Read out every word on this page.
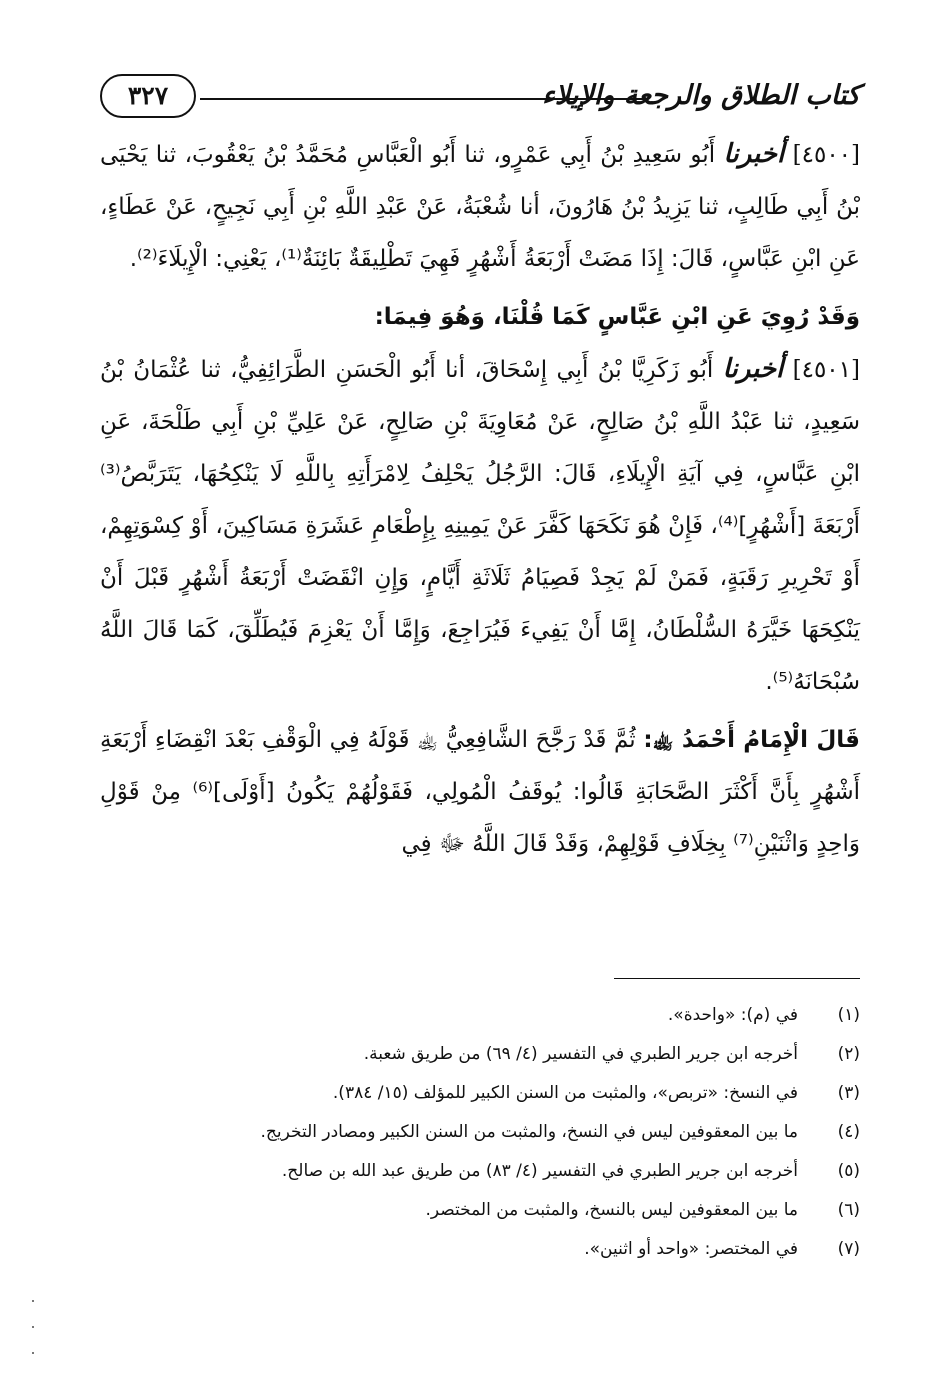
كتاب الطلاق والرجعة والإيلاء
٣٢٧

[٤٥٠٠] أخبرنا أَبُو سَعِيدِ بْنُ أَبِي عَمْرٍو، ثنا أَبُو الْعَبَّاسِ مُحَمَّدُ بْنُ يَعْقُوبَ، ثنا يَحْيَى بْنُ أَبِي طَالِبٍ، ثنا يَزِيدُ بْنُ هَارُونَ، أنا شُعْبَةُ، عَنْ عَبْدِ اللَّهِ بْنِ أَبِي نَجِيحٍ، عَنْ عَطَاءٍ، عَنِ ابْنِ عَبَّاسٍ، قَالَ: إِذَا مَضَتْ أَرْبَعَةُ أَشْهُرٍ فَهِيَ تَطْلِيقَةٌ بَائِنَةٌ⁽¹⁾، يَعْنِي: الْإِيلَاءَ⁽²⁾.

وَقَدْ رُوِيَ عَنِ ابْنِ عَبَّاسٍ كَمَا قُلْنَا، وَهُوَ فِيمَا:

[٤٥٠١] أخبرنا أَبُو زَكَرِيَّا بْنُ أَبِي إِسْحَاقَ، أنا أَبُو الْحَسَنِ الطَّرَائِفِيُّ، ثنا عُثْمَانُ بْنُ سَعِيدٍ، ثنا عَبْدُ اللَّهِ بْنُ صَالِحٍ، عَنْ مُعَاوِيَةَ بْنِ صَالِحٍ، عَنْ عَلِيِّ بْنِ أَبِي طَلْحَةَ، عَنِ ابْنِ عَبَّاسٍ، فِي آيَةِ الْإِيلَاءِ، قَالَ: الرَّجُلُ يَحْلِفُ لِامْرَأَتِهِ بِاللَّهِ لَا يَنْكِحُهَا، يَتَرَبَّصُ⁽³⁾ أَرْبَعَةَ [أَشْهُرٍ]⁽⁴⁾، فَإِنْ هُوَ نَكَحَهَا كَفَّرَ عَنْ يَمِينِهِ بِإِطْعَامِ عَشَرَةِ مَسَاكِينَ، أَوْ كِسْوَتِهِمْ، أَوْ تَحْرِيرِ رَقَبَةٍ، فَمَنْ لَمْ يَجِدْ فَصِيَامُ ثَلَاثَةِ أَيَّامٍ، وَإِنِ انْقَضَتْ أَرْبَعَةُ أَشْهُرٍ قَبْلَ أَنْ يَنْكِحَهَا خَيَّرَهُ السُّلْطَانُ، إِمَّا أَنْ يَفِيءَ فَيُرَاجِعَ، وَإِمَّا أَنْ يَعْزِمَ فَيُطَلِّقَ، كَمَا قَالَ اللَّهُ سُبْحَانَهُ⁽⁵⁾.

قَالَ الْإِمَامُ أَحْمَدُ ﵀: ثُمَّ قَدْ رَجَّحَ الشَّافِعِيُّ ﵀ قَوْلَهُ فِي الْوَقْفِ بَعْدَ انْقِضَاءِ أَرْبَعَةِ أَشْهُرٍ بِأَنَّ أَكْثَرَ الصَّحَابَةِ قَالُوا: يُوقَفُ الْمُولِي، فَقَوْلُهُمْ يَكُونُ [أَوْلَى]⁽⁶⁾ مِنْ قَوْلِ وَاحِدٍ وَاثْنَيْنِ⁽⁷⁾ بِخِلَافِ قَوْلِهِمْ، وَقَدْ قَالَ اللَّهُ ﷻ فِي

(١)
في (م): «واحدة».
(٢)
أخرجه ابن جرير الطبري في التفسير (٤/ ٦٩) من طريق شعبة.
(٣)
في النسخ: «تربص»، والمثبت من السنن الكبير للمؤلف (١٥/ ٣٨٤).
(٤)
ما بين المعقوفين ليس في النسخ، والمثبت من السنن الكبير ومصادر التخريج.
(٥)
أخرجه ابن جرير الطبري في التفسير (٤/ ٨٣) من طريق عبد الله بن صالح.
(٦)
ما بين المعقوفين ليس بالنسخ، والمثبت من المختصر.
(٧)
في المختصر: «واحد أو اثنين».
